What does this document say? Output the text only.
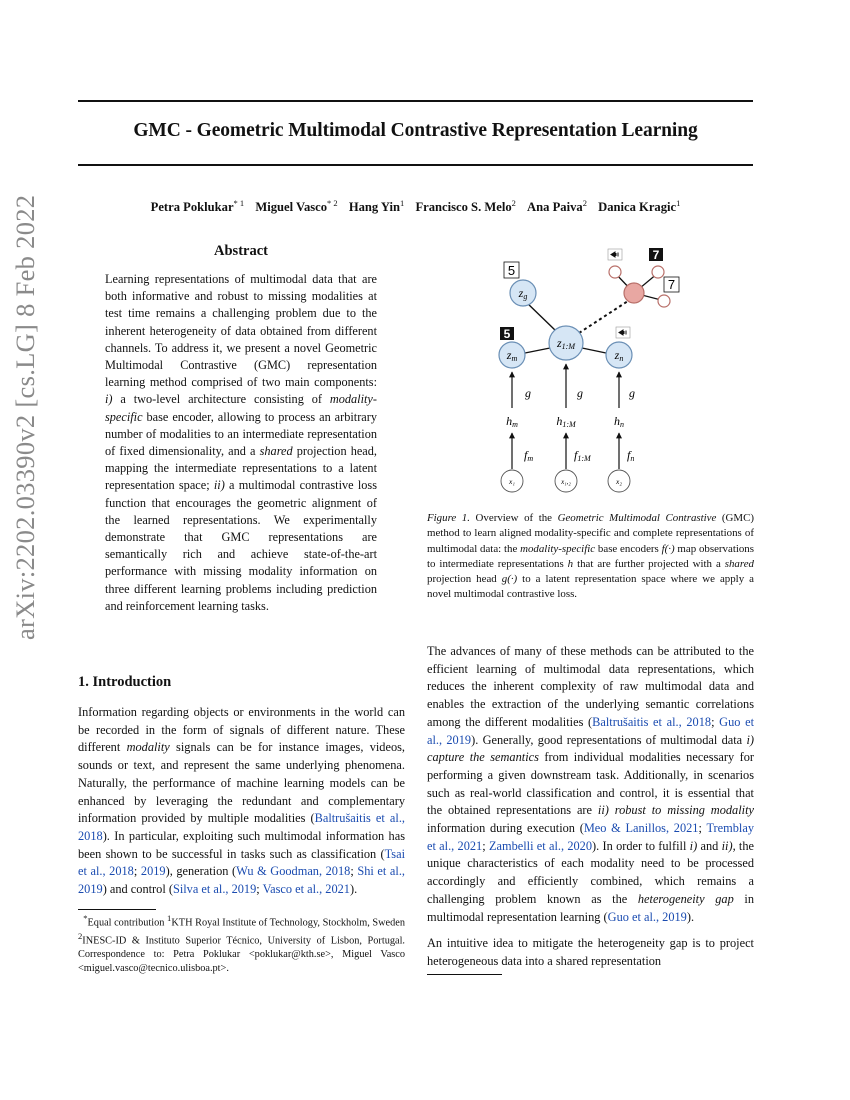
GMC - Geometric Multimodal Contrastive Representation Learning
Petra Poklukar$^{* 1}$ Miguel Vasco$^{* 2}$ Hang Yin$^1$ Francisco S. Melo$^2$ Ana Paiva$^2$ Danica Kragic$^1$
arXiv:2202.03390v2 [cs.LG] 8 Feb 2022	Abstract
Learning representations of multimodal data that are both informative and robust to missing modalities at test time remains a challenging problem due to the inherent heterogeneity of data obtained from different channels. To address it, we present a novel Geometric Multimodal Contrastive (GMC) representation learning method comprised of two main components: i) a two-level architecture consisting of modality-specific base encoder, allowing to process an arbitrary number of modalities to an intermediate representation of fixed dimensionality, and a shared projection head, mapping the intermediate representations to a latent representation space; ii) a multimodal contrastive loss function that encourages the geometric alignment of the learned representations. We experimentally demonstrate that GMC representations are semantically rich and achieve state-of-the-art performance with missing modality information on three different learning problems including prediction and reinforcement learning tasks.
1. Introduction
Information regarding objects or environments in the world can be recorded in the form of signals of different nature. These different modality signals can be for instance images, videos, sounds or text, and represent the same underlying phenomena. Naturally, the performance of machine learning models can be enhanced by leveraging the redundant and complementary information provided by multiple modalities (Baltrušaitis et al., 2018). In particular, exploiting such multimodal information has been shown to be successful in tasks such as classification (Tsai et al., 2018; 2019), generation (Wu & Goodman, 2018; Shi et al., 2019) and control (Silva et al., 2019; Vasco et al., 2021).
*Equal contribution $^1$KTH Royal Institute of Technology, Stockholm, Sweden $^2$INESC-ID & Instituto Superior Técnico, University of Lisbon, Portugal. Correspondence to: Petra Poklukar <poklukar@kth.se>, Miguel Vasco <miguel.vasco@tecnico.ulisboa.pt>.
7
7
5
5
zg
zm
z1:M
zn
g	g	g
hm	h1:M	hn
fm	f1:M	fn
x₁	x₁,₂	x₂
Figure 1. Overview of the Geometric Multimodal Contrastive (GMC) method to learn aligned modality-specific and complete representations of multimodal data: the modality-specific base encoders f(·) map observations to intermediate representations h that are further projected with a shared projection head g(·) to a latent representation space where we apply a novel multimodal contrastive loss.
The advances of many of these methods can be attributed to the efficient learning of multimodal data representations, which reduces the inherent complexity of raw multimodal data and enables the extraction of the underlying semantic correlations among the different modalities (Baltrušaitis et al., 2018; Guo et al., 2019). Generally, good representations of multimodal data i) capture the semantics from individual modalities necessary for performing a given downstream task. Additionally, in scenarios such as real-world classification and control, it is essential that the obtained representations are ii) robust to missing modality information during execution (Meo & Lanillos, 2021; Tremblay et al., 2021; Zambelli et al., 2020). In order to fulfill i) and ii), the unique characteristics of each modality need to be processed accordingly and efficiently combined, which remains a challenging problem known as the heterogeneity gap in multimodal representation learning (Guo et al., 2019).
An intuitive idea to mitigate the heterogeneity gap is to project heterogeneous data into a shared representation
